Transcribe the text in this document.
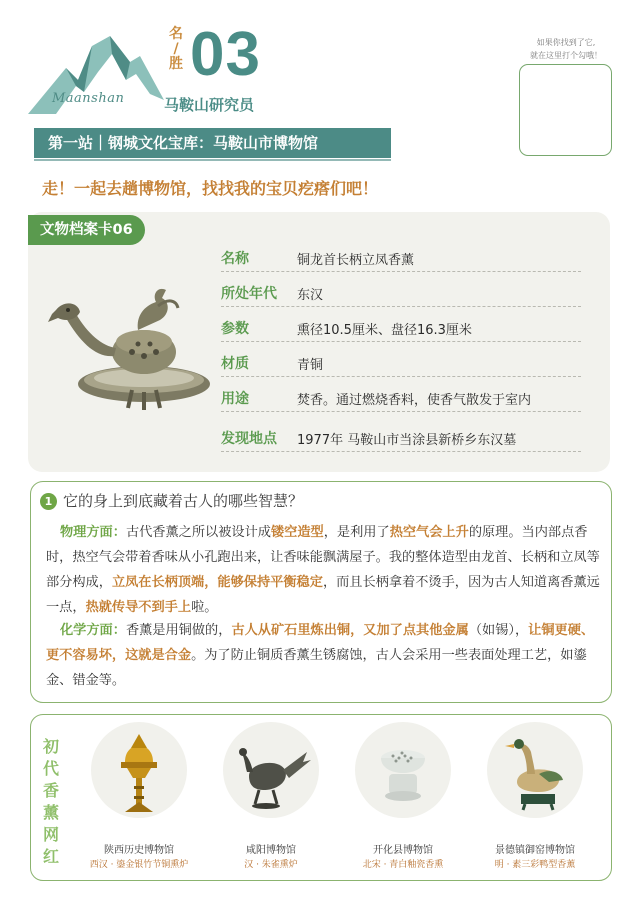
Maanshan
名
/
胜 03
马鞍山研究员
如果你找到了它,
就在这里打个勾哦！
第一站｜钢城文化宝库：马鞍山市博物馆
走！一起去趟博物馆，找找我的宝贝疙瘩们吧！
文物档案卡06
名称	铜龙首长柄立凤香薰
所处年代 东汉
参数	熏径10.5厘米、盘径16.3厘米
材质	青铜
用途	焚香。通过燃烧香料，使香气散发于室内
发现地点 1977年 马鞍山市当涂县新桥乡东汉墓
1 它的身上到底藏着古人的哪些智慧？
物理方面：古代香薰之所以被设计成镂空造型，是利用了热空气会上升的原理。当内部点香时，热空气会带着香味从小孔跑出来，让香味能飘满屋子。我的整体造型由龙首、长柄和立凤等部分构成，立凤在长柄顶端，能够保持平衡稳定，而且长柄拿着不烫手，因为古人知道离香薰远一点，热就传导不到手上啦。
化学方面：香薰是用铜做的，古人从矿石里炼出铜，又加了点其他金属（如锡），让铜更硬、更不容易坏，这就是合金。为了防止铜质香薰生锈腐蚀，古人会采用一些表面处理工艺，如鎏金、错金等。
初代香薰网红	陕西历史博物馆
西汉 · 鎏金银竹节铜熏炉
咸阳博物馆
汉 · 朱雀熏炉
开化县博物馆
北宋 · 青白釉瓷香熏
景德镇御窑博物馆
明 · 素三彩鸭型香薰
